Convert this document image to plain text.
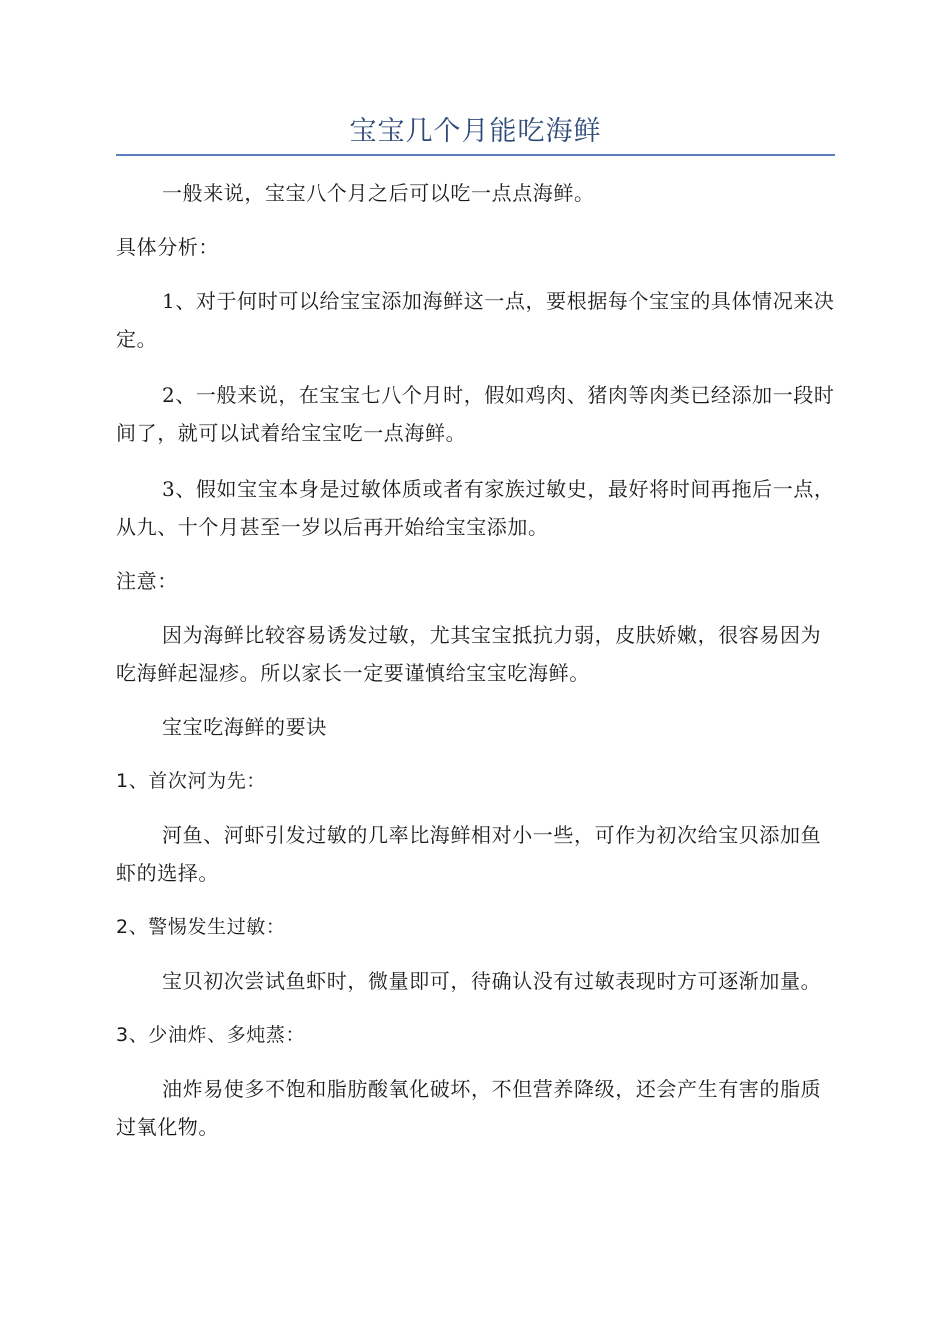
宝宝几个月能吃海鲜

一般来说，宝宝八个月之后可以吃一点点海鲜。

具体分析：

1、对于何时可以给宝宝添加海鲜这一点，要根据每个宝宝的具体情况来决定。

2、一般来说，在宝宝七八个月时，假如鸡肉、猪肉等肉类已经添加一段时间了，就可以试着给宝宝吃一点海鲜。

3、假如宝宝本身是过敏体质或者有家族过敏史，最好将时间再拖后一点，从九、十个月甚至一岁以后再开始给宝宝添加。

注意：

因为海鲜比较容易诱发过敏，尤其宝宝抵抗力弱，皮肤娇嫩，很容易因为吃海鲜起湿疹。所以家长一定要谨慎给宝宝吃海鲜。

宝宝吃海鲜的要诀

1、首次河为先：

河鱼、河虾引发过敏的几率比海鲜相对小一些，可作为初次给宝贝添加鱼虾的选择。

2、警惕发生过敏：

宝贝初次尝试鱼虾时，微量即可，待确认没有过敏表现时方可逐渐加量。

3、少油炸、多炖蒸：

油炸易使多不饱和脂肪酸氧化破坏，不但营养降级，还会产生有害的脂质过氧化物。
